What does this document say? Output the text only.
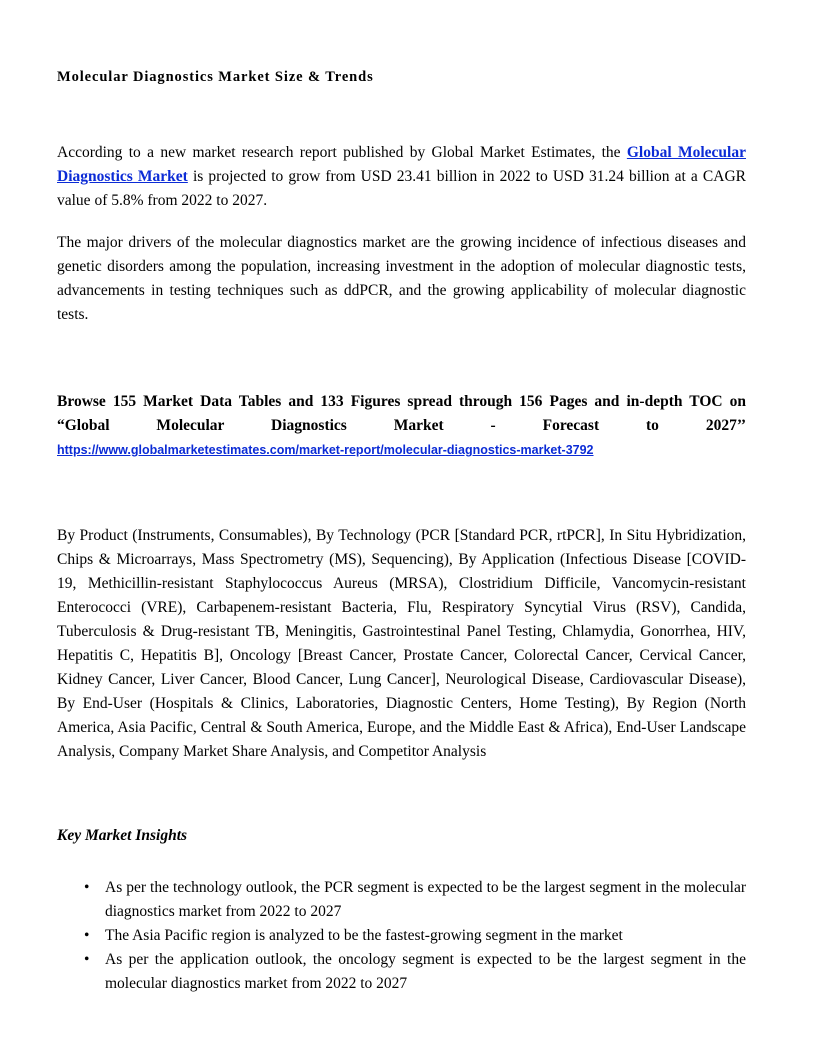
Molecular Diagnostics Market Size & Trends

According to a new market research report published by Global Market Estimates, the Global Molecular Diagnostics Market is projected to grow from USD 23.41 billion in 2022 to USD 31.24 billion at a CAGR value of 5.8% from 2022 to 2027.

The major drivers of the molecular diagnostics market are the growing incidence of infectious diseases and genetic disorders among the population, increasing investment in the adoption of molecular diagnostic tests, advancements in testing techniques such as ddPCR, and the growing applicability of molecular diagnostic tests.

Browse 155 Market Data Tables and 133 Figures spread through 156 Pages and in-depth TOC on “Global Molecular Diagnostics Market - Forecast to 2027’’

https://www.globalmarketestimates.com/market-report/molecular-diagnostics-market-3792

By Product (Instruments, Consumables), By Technology (PCR [Standard PCR, rtPCR], In Situ Hybridization, Chips & Microarrays, Mass Spectrometry (MS), Sequencing), By Application (Infectious Disease [COVID-19, Methicillin-resistant Staphylococcus Aureus (MRSA), Clostridium Difficile, Vancomycin-resistant Enterococci (VRE), Carbapenem-resistant Bacteria, Flu, Respiratory Syncytial Virus (RSV), Candida, Tuberculosis & Drug-resistant TB, Meningitis, Gastrointestinal Panel Testing, Chlamydia, Gonorrhea, HIV, Hepatitis C, Hepatitis B], Oncology [Breast Cancer, Prostate Cancer, Colorectal Cancer, Cervical Cancer, Kidney Cancer, Liver Cancer, Blood Cancer, Lung Cancer], Neurological Disease, Cardiovascular Disease), By End-User (Hospitals & Clinics, Laboratories, Diagnostic Centers, Home Testing), By Region (North America, Asia Pacific, Central & South America, Europe, and the Middle East & Africa), End-User Landscape Analysis, Company Market Share Analysis, and Competitor Analysis

Key Market Insights

• As per the technology outlook, the PCR segment is expected to be the largest segment in the molecular diagnostics market from 2022 to 2027
• The Asia Pacific region is analyzed to be the fastest-growing segment in the market
• As per the application outlook, the oncology segment is expected to be the largest segment in the molecular diagnostics market from 2022 to 2027
